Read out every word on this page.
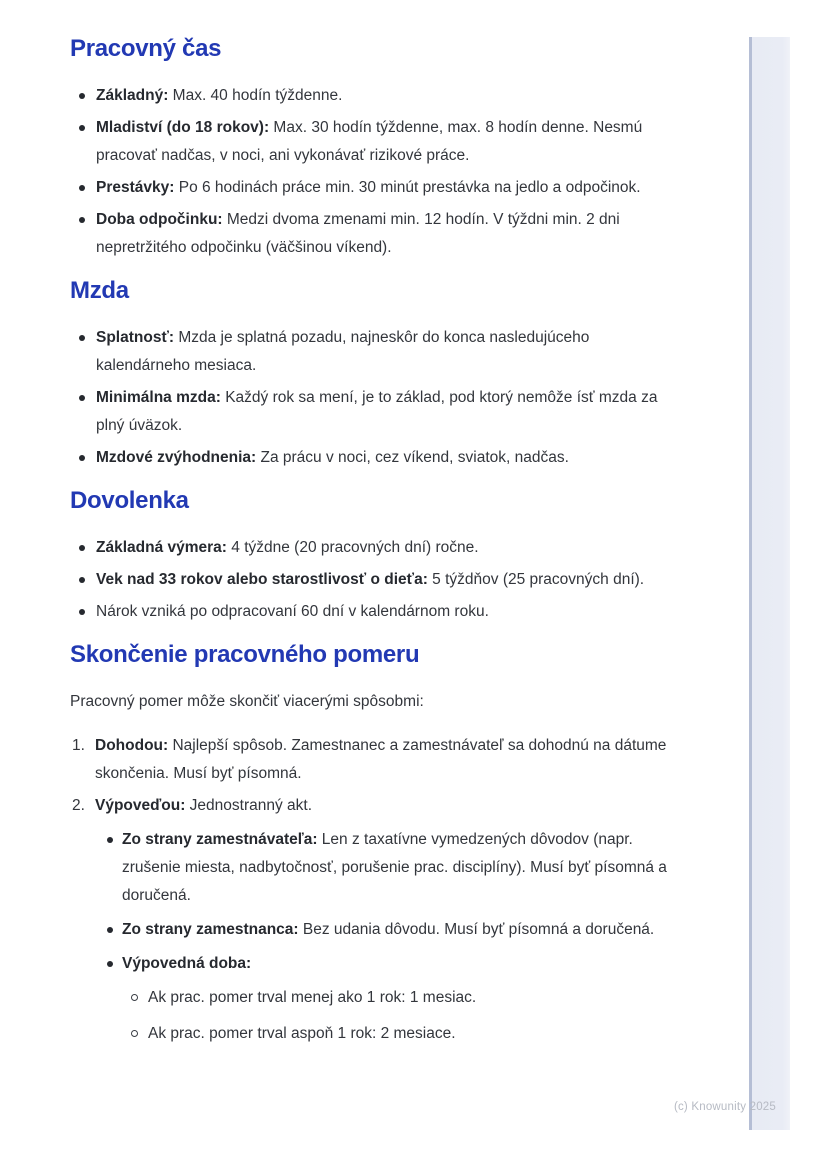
Pracovný čas
Základný: Max. 40 hodín týždenne.
Mladiství (do 18 rokov): Max. 30 hodín týždenne, max. 8 hodín denne. Nesmú pracovať nadčas, v noci, ani vykonávať rizikové práce.
Prestávky: Po 6 hodinách práce min. 30 minút prestávka na jedlo a odpočinok.
Doba odpočinku: Medzi dvoma zmenami min. 12 hodín. V týždni min. 2 dni nepretržitého odpočinku (väčšinou víkend).
Mzda
Splatnosť: Mzda je splatná pozadu, najneskôr do konca nasledujúceho kalendárneho mesiaca.
Minimálna mzda: Každý rok sa mení, je to základ, pod ktorý nemôže ísť mzda za plný úväzok.
Mzdové zvýhodnenia: Za prácu v noci, cez víkend, sviatok, nadčas.
Dovolenka
Základná výmera: 4 týždne (20 pracovných dní) ročne.
Vek nad 33 rokov alebo starostlivosť o dieťa: 5 týždňov (25 pracovných dní).
Nárok vzniká po odpracovaní 60 dní v kalendárnom roku.
Skončenie pracovného pomeru

Pracovný pomer môže skončiť viacerými spôsobmi:

1. Dohodou: Najlepší spôsob. Zamestnanec a zamestnávateľ sa dohodnú na dátume skončenia. Musí byť písomná.
2. Výpoveďou: Jednostranný akt.
Zo strany zamestnávateľa: Len z taxatívne vymedzených dôvodov (napr. zrušenie miesta, nadbytočnosť, porušenie prac. disciplíny). Musí byť písomná a doručená.
Zo strany zamestnanca: Bez udania dôvodu. Musí byť písomná a doručená.
Výpovedná doba:
Ak prac. pomer trval menej ako 1 rok: 1 mesiac.
Ak prac. pomer trval aspoň 1 rok: 2 mesiace.
(c) Knowunity 2025
